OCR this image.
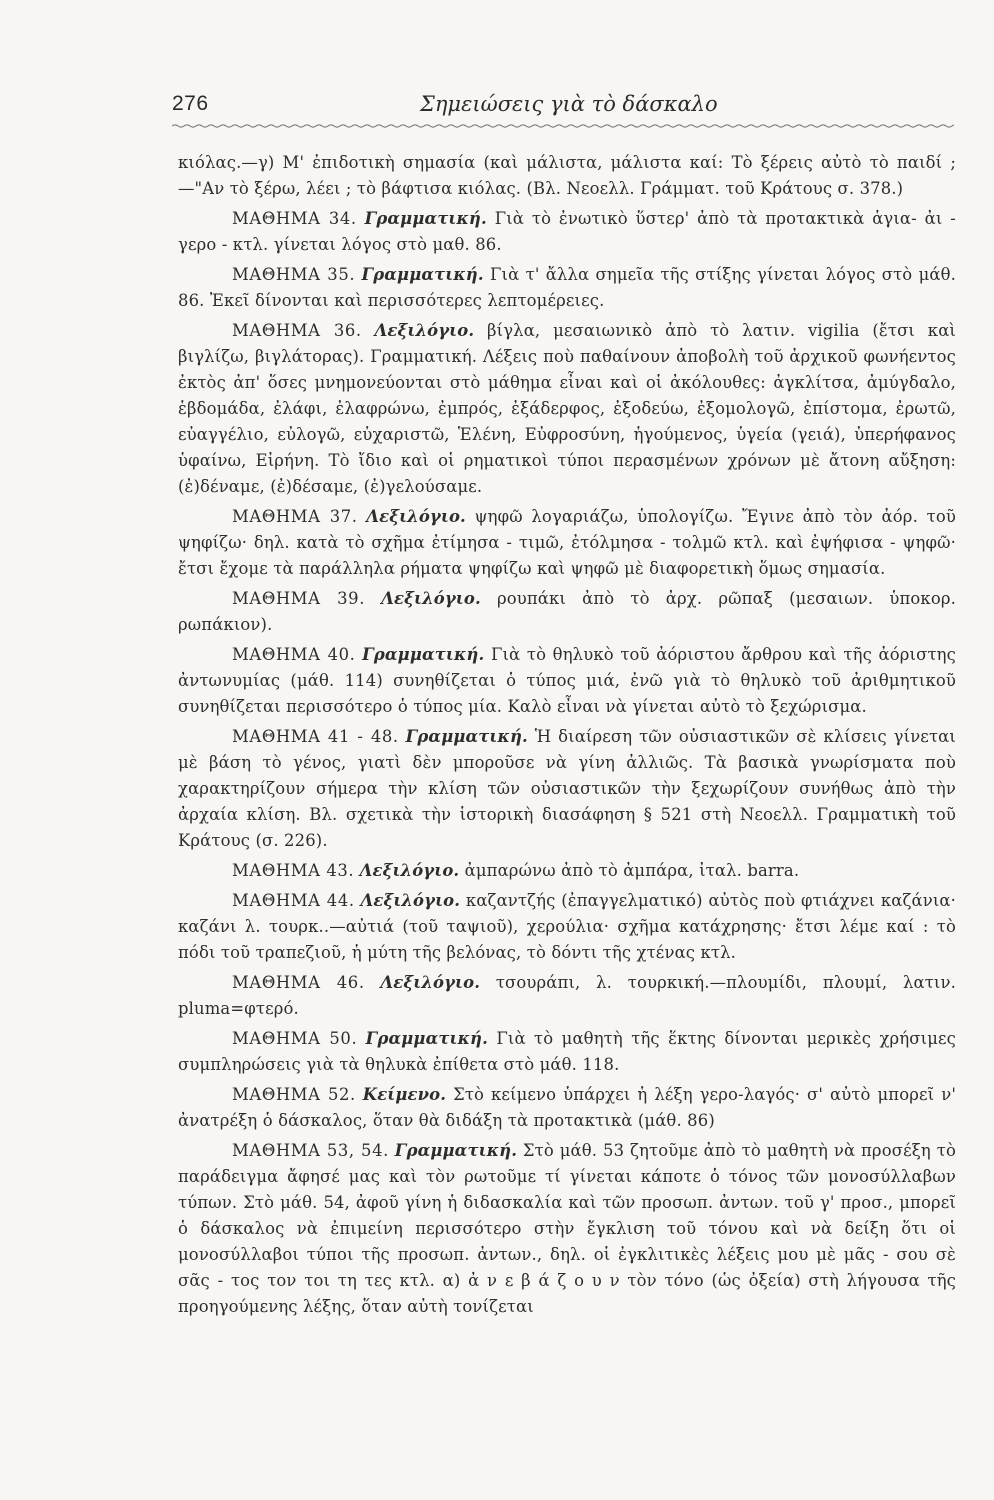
276	Σημειώσεις γιὰ τὸ δάσκαλο

κιόλας.—γ) Μ' ἐπιδοτικὴ σημασία (καὶ μάλιστα, μάλιστα καί: Τὸ ξέρεις αὐτὸ τὸ παιδί ;—"Αν τὸ ξέρω, λέει ; τὸ βάφτισα κιόλας. (Βλ. Νεοελλ. Γράμματ. τοῦ Κράτους σ. 378.)

ΜΑΘΗΜΑ 34. Γραμματική. Γιὰ τὸ ἐνωτικὸ ὕστερ' ἀπὸ τὰ προτακτικὰ ἁγια- ἀι - γερο - κτλ. γίνεται λόγος στὸ μαθ. 86.

ΜΑΘΗΜΑ 35. Γραμματική. Γιὰ τ' ἄλλα σημεῖα τῆς στίξης γίνεται λόγος στὸ μάθ. 86. Ἐκεῖ δίνονται καὶ περισσότερες λεπτομέρειες.

ΜΑΘΗΜΑ 36. Λεξιλόγιο. βίγλα, μεσαιωνικὸ ἀπὸ τὸ λατιν. vigilia (ἔτσι καὶ βιγλίζω, βιγλάτορας). Γραμματική. Λέξεις ποὺ παθαίνουν ἀποβολὴ τοῦ ἀρχικοῦ φωνήεντος ἐκτὸς ἀπ' ὅσες μνημονεύονται στὸ μάθημα εἶναι καὶ οἱ ἀκόλουθες: ἀγκλίτσα, ἀμύγδαλο, ἑβδομάδα, ἐλάφι, ἐλαφρώνω, ἐμπρός, ἐξάδερφος, ἐξοδεύω, ἐξομολογῶ, ἐπίστομα, ἐρωτῶ, εὐαγγέλιο, εὐλογῶ, εὐχαριστῶ, Ἑλένη, Εὐφροσύνη, ἡγούμενος, ὑγεία (γειά), ὑπερήφανος ὑφαίνω, Εἰρήνη. Τὸ ἴδιο καὶ οἱ ρηματικοὶ τύποι περασμένων χρόνων μὲ ἄτονη αὔξηση: (ἐ)δέναμε, (ἐ)δέσαμε, (ἐ)γελούσαμε.

ΜΑΘΗΜΑ 37. Λεξιλόγιο. ψηφῶ λογαριάζω, ὑπολογίζω. Ἔγινε ἀπὸ τὸν ἀόρ. τοῦ ψηφίζω· δηλ. κατὰ τὸ σχῆμα ἐτίμησα - τιμῶ, ἐτόλμησα - τολμῶ κτλ. καὶ ἐψήφισα - ψηφῶ· ἔτσι ἔχομε τὰ παράλληλα ρήματα ψηφίζω καὶ ψηφῶ μὲ διαφορετικὴ ὅμως σημασία.

ΜΑΘΗΜΑ 39. Λεξιλόγιο. ρουπάκι ἀπὸ τὸ ἀρχ. ρῶπαξ (μεσαιων. ὑποκορ. ρωπάκιον).

ΜΑΘΗΜΑ 40. Γραμματική. Γιὰ τὸ θηλυκὸ τοῦ ἀόριστου ἄρθρου καὶ τῆς ἀόριστης ἀντωνυμίας (μάθ. 114) συνηθίζεται ὁ τύπος μιά, ἐνῶ γιὰ τὸ θηλυκὸ τοῦ ἀριθμητικοῦ συνηθίζεται περισσότερο ὁ τύπος μία. Καλὸ εἶναι νὰ γίνεται αὐτὸ τὸ ξεχώρισμα.

ΜΑΘΗΜΑ 41 - 48. Γραμματική. Ἡ διαίρεση τῶν οὐσιαστικῶν σὲ κλίσεις γίνεται μὲ βάση τὸ γένος, γιατὶ δὲν μποροῦσε νὰ γίνη ἀλλιῶς. Τὰ βασικὰ γνωρίσματα ποὺ χαρακτηρίζουν σήμερα τὴν κλίση τῶν οὐσιαστικῶν τὴν ξεχωρίζουν συνήθως ἀπὸ τὴν ἀρχαία κλίση. Βλ. σχετικὰ τὴν ἱστορικὴ διασάφηση § 521 στὴ Νεοελλ. Γραμματικὴ τοῦ Κράτους (σ. 226).

ΜΑΘΗΜΑ 43. Λεξιλόγιο. ἀμπαρώνω ἀπὸ τὸ ἀμπάρα, ἰταλ. barra.

ΜΑΘΗΜΑ 44. Λεξιλόγιο. καζαντζής (ἐπαγγελματικό) αὐτὸς ποὺ φτιάχνει καζάνια· καζάνι λ. τουρκ..—αὐτιά (τοῦ ταψιοῦ), χερούλια· σχῆμα κατάχρησης· ἔτσι λέμε καί : τὸ πόδι τοῦ τραπεζιοῦ, ἡ μύτη τῆς βελόνας, τὸ δόντι τῆς χτένας κτλ.

ΜΑΘΗΜΑ 46. Λεξιλόγιο. τσουράπι, λ. τουρκική.—πλουμίδι, πλουμί, λατιν. pluma=φτερό.

ΜΑΘΗΜΑ 50. Γραμματική. Γιὰ τὸ μαθητὴ τῆς ἕκτης δίνονται μερικὲς χρήσιμες συμπληρώσεις γιὰ τὰ θηλυκὰ ἐπίθετα στὸ μάθ. 118.

ΜΑΘΗΜΑ 52. Κείμενο. Στὸ κείμενο ὑπάρχει ἡ λέξη γερο-λαγός· σ' αὐτὸ μπορεῖ ν' ἀνατρέξη ὁ δάσκαλος, ὅταν θὰ διδάξη τὰ προτακτικὰ (μάθ. 86)

ΜΑΘΗΜΑ 53, 54. Γραμματική. Στὸ μάθ. 53 ζητοῦμε ἀπὸ τὸ μαθητὴ νὰ προσέξη τὸ παράδειγμα ἄφησέ μας καὶ τὸν ρωτοῦμε τί γίνεται κάποτε ὁ τόνος τῶν μονοσύλλαβων τύπων. Στὸ μάθ. 54, ἀφοῦ γίνη ἡ διδασκαλία καὶ τῶν προσωπ. ἀντων. τοῦ γ' προσ., μπορεῖ ὁ δάσκαλος νὰ ἐπιμείνη περισσότερο στὴν ἔγκλιση τοῦ τόνου καὶ νὰ δείξη ὅτι οἱ μονοσύλλαβοι τύποι τῆς προσωπ. ἀντων., δηλ. οἱ ἐγκλιτικὲς λέξεις μου μὲ μᾶς - σου σὲ σᾶς - τος τον τοι τη τες κτλ. α) ἀ ν ε β ά ζ ο υ ν τὸν τόνο (ὡς ὀξεία) στὴ λήγουσα τῆς προηγούμενης λέξης, ὅταν αὐτὴ τονίζεται
